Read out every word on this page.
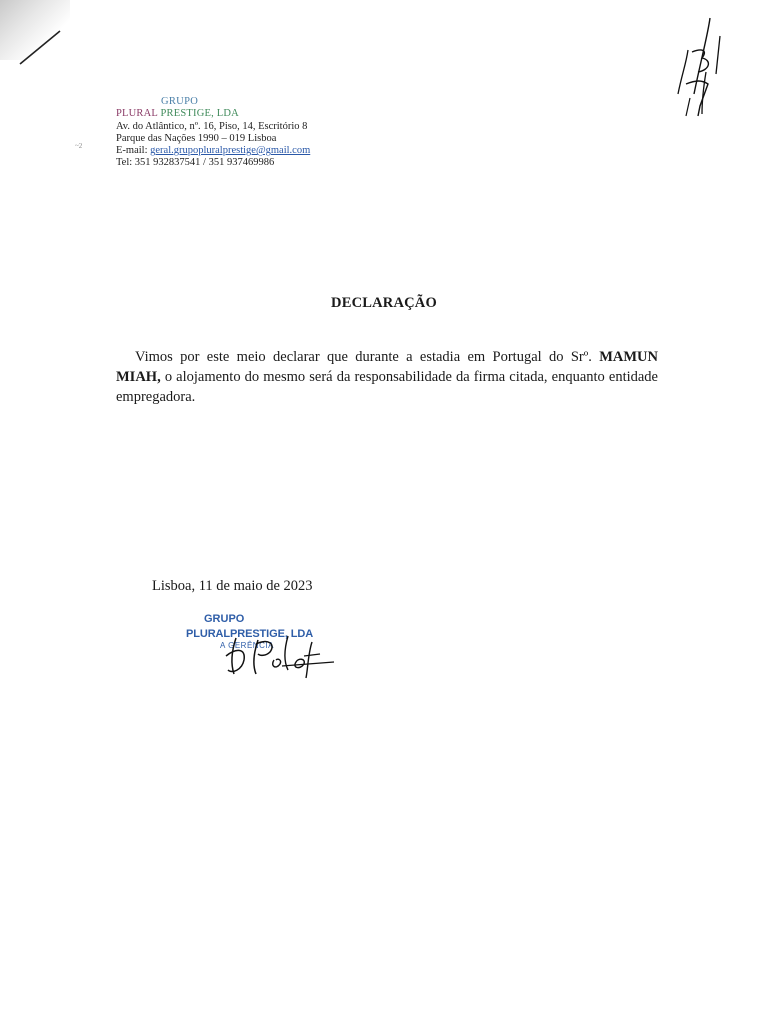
GRUPO
PLURAL PRESTIGE, LDA
Av. do Atlântico, nº. 16, Piso, 14, Escritório 8
Parque das Nações 1990 – 019 Lisboa
E-mail: geral.grupopluralprestige@gmail.com
Tel: 351 932837541 / 351 937469986
~2
DECLARAÇÃO
Vimos por este meio declarar que durante a estadia em Portugal do Srº. MAMUN MIAH, o alojamento do mesmo será da responsabilidade da firma citada, enquanto entidade empregadora.
Lisboa, 11 de maio de 2023
GRUPO
PLURALPRESTIGE, LDA
A GERÊNCIA
